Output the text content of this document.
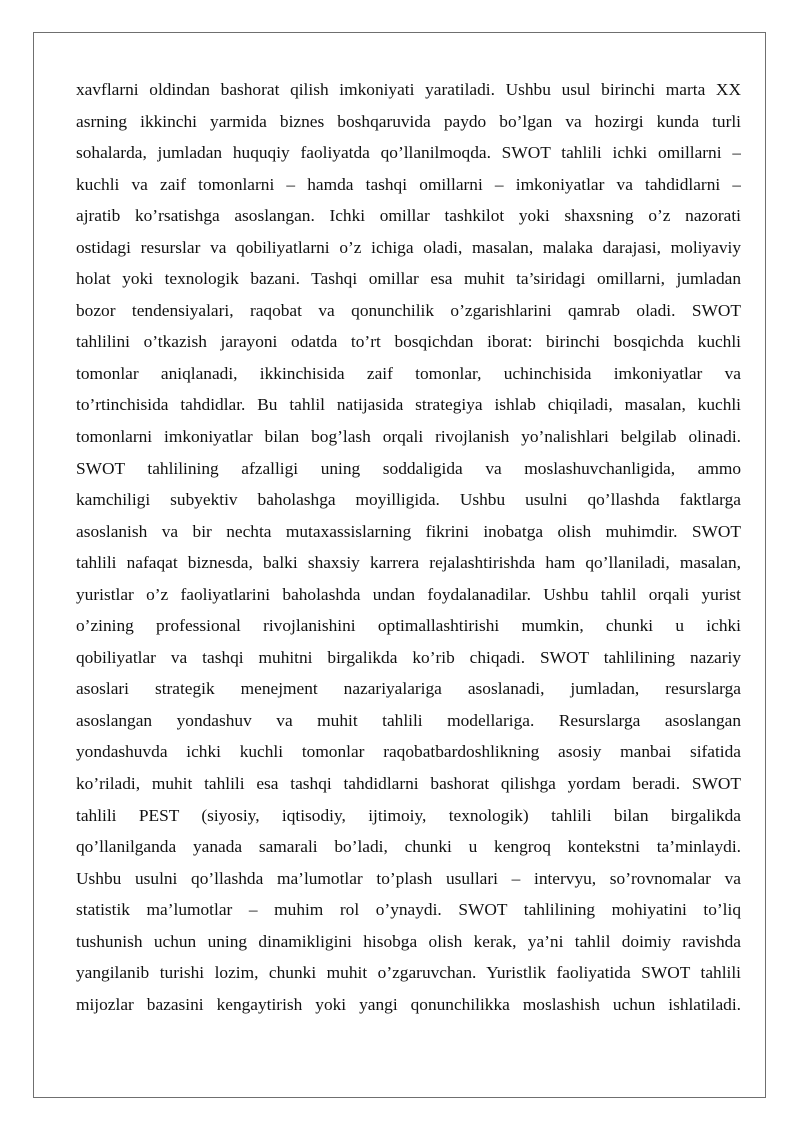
xavflarni oldindan bashorat qilish imkoniyati yaratiladi. Ushbu usul birinchi marta XX
asrning ikkinchi yarmida biznes boshqaruvida paydo bo’lgan va hozirgi kunda turli
sohalarda, jumladan huquqiy faoliyatda qo’llanilmoqda. SWOT tahlili ichki omillarni –
kuchli va zaif tomonlarni – hamda tashqi omillarni – imkoniyatlar va tahdidlarni –
ajratib ko’rsatishga asoslangan. Ichki omillar tashkilot yoki shaxsning o’z nazorati
ostidagi resurslar va qobiliyatlarni o’z ichiga oladi, masalan, malaka darajasi, moliyaviy
holat yoki texnologik bazani. Tashqi omillar esa muhit ta’siridagi omillarni, jumladan
bozor tendensiyalari, raqobat va qonunchilik o’zgarishlarini qamrab oladi. SWOT
tahlilini o’tkazish jarayoni odatda to’rt bosqichdan iborat: birinchi bosqichda kuchli
tomonlar aniqlanadi, ikkinchisida zaif tomonlar, uchinchisida imkoniyatlar va
to’rtinchisida tahdidlar. Bu tahlil natijasida strategiya ishlab chiqiladi, masalan, kuchli
tomonlarni imkoniyatlar bilan bog’lash orqali rivojlanish yo’nalishlari belgilab olinadi.
SWOT tahlilining afzalligi uning soddaligida va moslashuvchanligida, ammo
kamchiligi subyektiv baholashga moyilligida. Ushbu usulni qo’llashda faktlarga
asoslanish va bir nechta mutaxassislarning fikrini inobatga olish muhimdir. SWOT
tahlili nafaqat biznesda, balki shaxsiy karrera rejalashtirishda ham qo’llaniladi, masalan,
yuristlar o’z faoliyatlarini baholashda undan foydalanadilar. Ushbu tahlil orqali yurist
o’zining professional rivojlanishini optimallashtirishi mumkin, chunki u ichki
qobiliyatlar va tashqi muhitni birgalikda ko’rib chiqadi. SWOT tahlilining nazariy
asoslari strategik menejment nazariyalariga asoslanadi, jumladan, resurslarga
asoslangan yondashuv va muhit tahlili modellariga. Resurslarga asoslangan
yondashuvda ichki kuchli tomonlar raqobatbardoshlikning asosiy manbai sifatida
ko’riladi, muhit tahlili esa tashqi tahdidlarni bashorat qilishga yordam beradi. SWOT
tahlili PEST (siyosiy, iqtisodiy, ijtimoiy, texnologik) tahlili bilan birgalikda
qo’llanilganda yanada samarali bo’ladi, chunki u kengroq kontekstni ta’minlaydi.
Ushbu usulni qo’llashda ma’lumotlar to’plash usullari – intervyu, so’rovnomalar va
statistik ma’lumotlar – muhim rol o’ynaydi. SWOT tahlilining mohiyatini to’liq
tushunish uchun uning dinamikligini hisobga olish kerak, ya’ni tahlil doimiy ravishda
yangilanib turishi lozim, chunki muhit o’zgaruvchan. Yuristlik faoliyatida SWOT tahlili
mijozlar bazasini kengaytirish yoki yangi qonunchilikka moslashish uchun ishlatiladi.
